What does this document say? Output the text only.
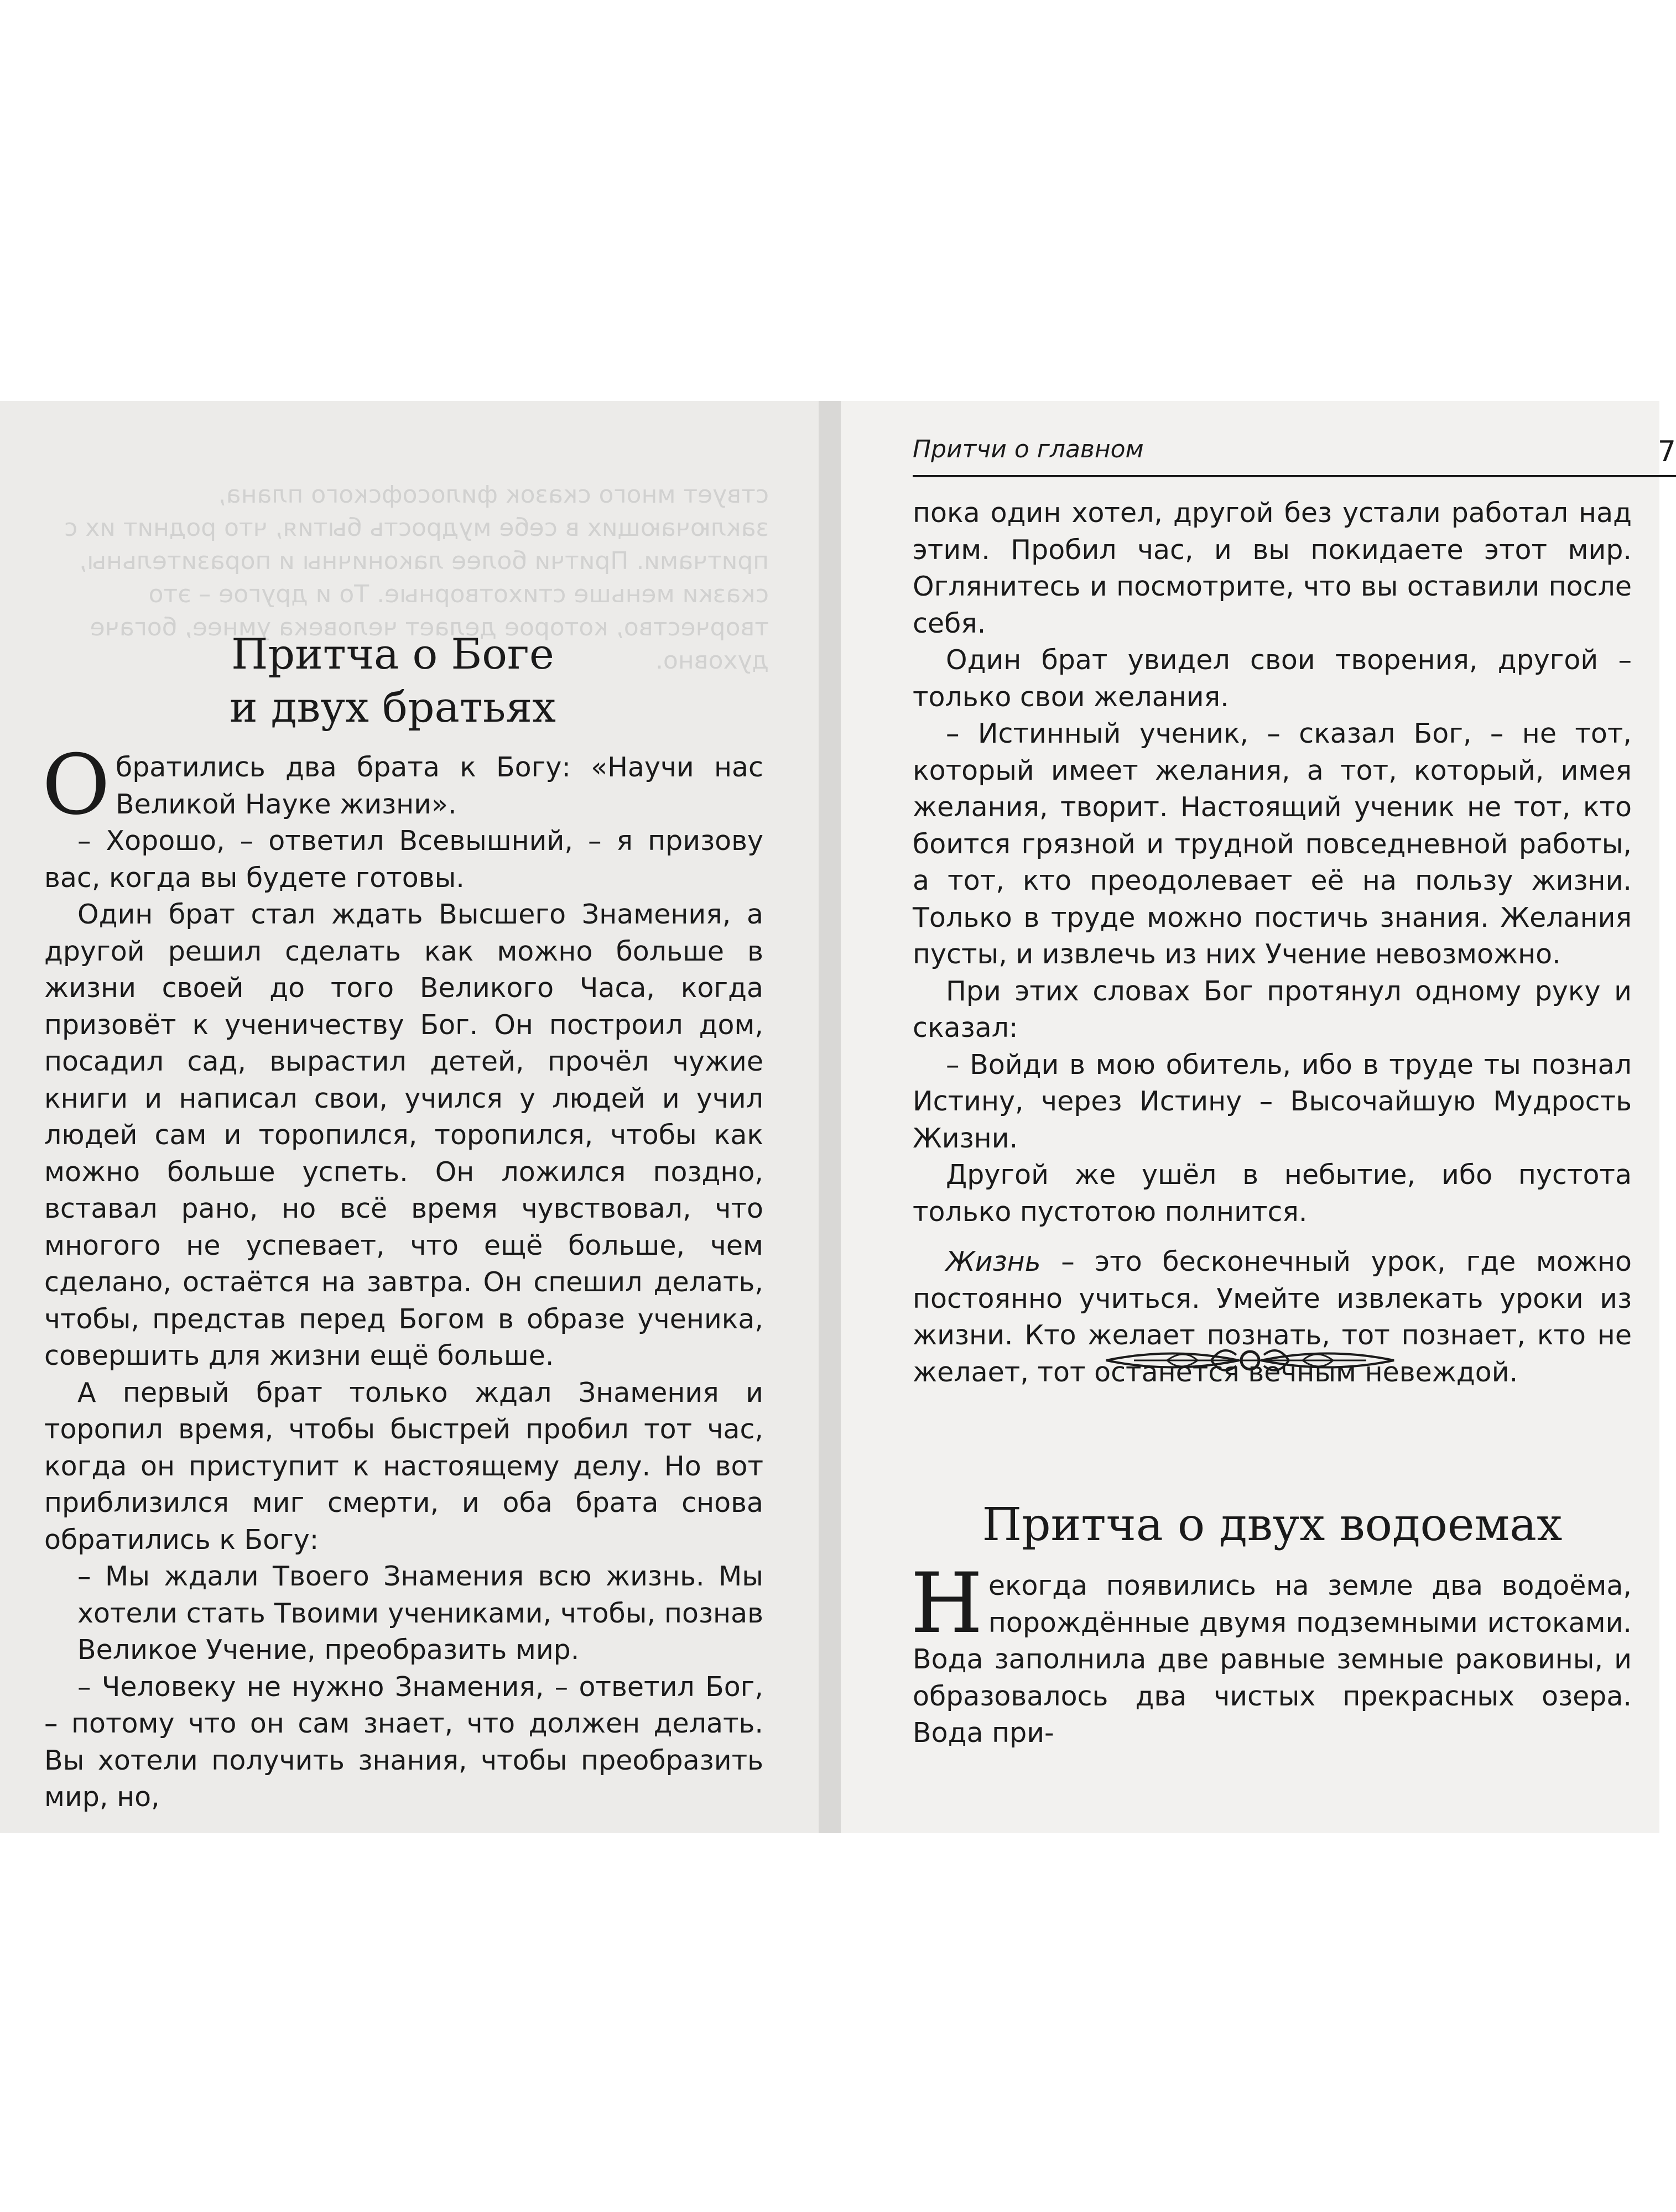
ствует много сказок философского плана, заключающих в себе мудрость бытия, что роднит их с притчами. Притчи более лаконичны и поразительны, сказки меньше стихотворные. То и другое – это творчество, которое делает человека умнее, богаче духовно.
Притча о Боге
и двух братьях

Обратились два брата к Богу: «Научи нас Великой Науке жизни».

– Хорошо, – ответил Всевышний, – я призову вас, когда вы будете готовы.

Один брат стал ждать Высшего Знамения, а другой решил сделать как можно больше в жизни своей до того Великого Часа, когда призовёт к ученичеству Бог. Он построил дом, посадил сад, вырастил детей, прочёл чужие книги и написал свои, учился у людей и учил людей сам и торопился, торопился, чтобы как можно больше успеть. Он ложился поздно, вставал рано, но всё время чувствовал, что многого не успевает, что ещё больше, чем сделано, остаётся на завтра. Он спешил делать, чтобы, представ перед Богом в образе ученика, совершить для жизни ещё больше.

А первый брат только ждал Знамения и торопил время, чтобы быстрей пробил тот час, когда он приступит к настоящему делу. Но вот приблизился миг смерти, и оба брата снова обратились к Богу:

– Мы ждали Твоего Знамения всю жизнь. Мы хотели стать Твоими учениками, чтобы, познав Великое Учение, преобразить мир.

– Человеку не нужно Знамения, – ответил Бог, – потому что он сам знает, что должен делать. Вы хотели получить знания, чтобы преобразить мир, но,

Притчи о главном	7

пока один хотел, другой без устали работал над этим. Пробил час, и вы покидаете этот мир. Оглянитесь и посмотрите, что вы оставили после себя.

Один брат увидел свои творения, другой – только свои желания.

– Истинный ученик, – сказал Бог, – не тот, который имеет желания, а тот, который, имея желания, творит. Настоящий ученик не тот, кто боится грязной и трудной повседневной работы, а тот, кто преодолевает её на пользу жизни. Только в труде можно постичь знания. Желания пусты, и извлечь из них Учение невозможно.

При этих словах Бог протянул одному руку и сказал:

– Войди в мою обитель, ибо в труде ты познал Истину, через Истину – Высочайшую Мудрость Жизни.

Другой же ушёл в небытие, ибо пустота только пустотою полнится.

Жизнь – это бесконечный урок, где можно постоянно учиться. Умейте извлекать уроки из жизни. Кто желает познать, тот познает, кто не желает, тот останется вечным невеждой.

Притча о двух водоемах

Некогда появились на земле два водоёма, порождённые двумя подземными истоками. Вода заполнила две равные земные раковины, и образовалось два чистых прекрасных озера. Вода при-
